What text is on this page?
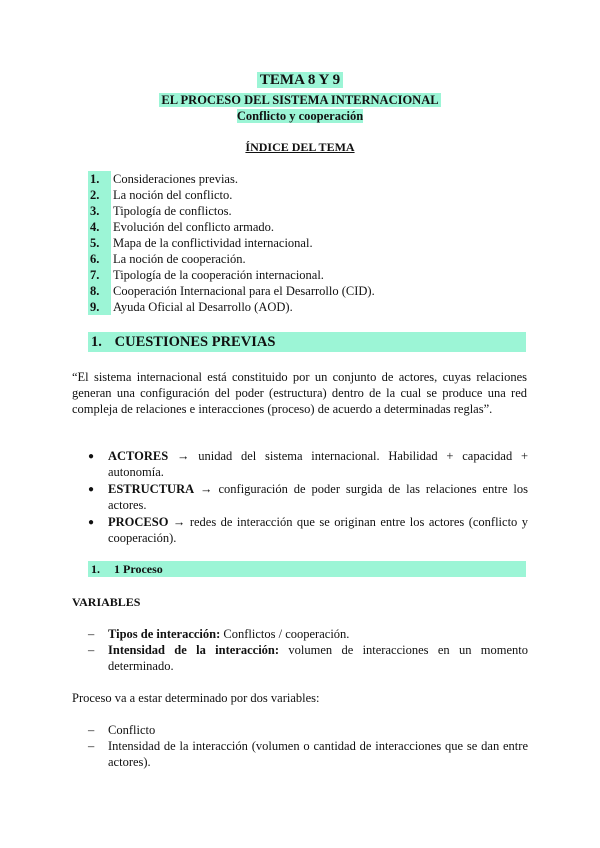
TEMA 8 Y 9
EL PROCESO DEL SISTEMA INTERNACIONAL
Conflicto y cooperación
ÍNDICE DEL TEMA
1.	Consideraciones previas.
2.	La noción del conflicto.
3.	Tipología de conflictos.
4.	Evolución del conflicto armado.
5.	Mapa de la conflictividad internacional.
6.	La noción de cooperación.
7.	Tipología de la cooperación internacional.
8.	Cooperación Internacional para el Desarrollo (CID).
9.	Ayuda Oficial al Desarrollo (AOD).
1. CUESTIONES PREVIAS
“El sistema internacional está constituido por un conjunto de actores, cuyas relaciones generan una configuración del poder (estructura) dentro de la cual se produce una red compleja de relaciones e interacciones (proceso) de acuerdo a determinadas reglas”.
●	ACTORES → unidad del sistema internacional. Habilidad + capacidad + autonomía.
●	ESTRUCTURA → configuración de poder surgida de las relaciones entre los actores.
●	PROCESO → redes de interacción que se originan entre los actores (conflicto y cooperación).
1. 1 Proceso
VARIABLES
–	Tipos de interacción: Conflictos / cooperación.
–	Intensidad de la interacción: volumen de interacciones en un momento determinado.
Proceso va a estar determinado por dos variables:
–	Conflicto
–	Intensidad de la interacción (volumen o cantidad de interacciones que se dan entre actores).
